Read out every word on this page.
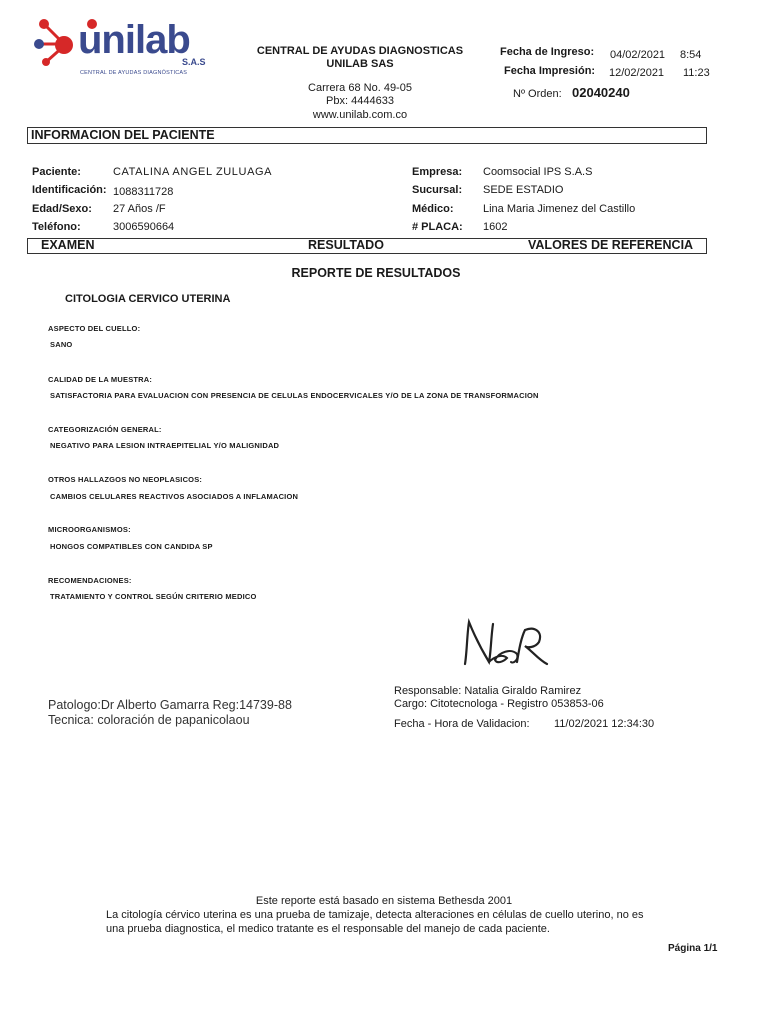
unilab
S.A.S
CENTRAL DE AYUDAS DIAGNÓSTICAS
CENTRAL DE AYUDAS DIAGNOSTICAS
UNILAB SAS
Carrera 68 No. 49-05
Pbx: 4444633
www.unilab.com.co
Fecha de Ingreso: 04/02/2021 8:54
Fecha Impresión: 12/02/2021 11:23
Nº Orden: 02040240
INFORMACION DEL PACIENTE
Paciente:	CATALINA ANGEL ZULUAGA
Identificación: 1088311728
Edad/Sexo: 27 Años /F
Teléfono:	3006590664
Empresa: Coomsocial IPS S.A.S
Sucursal: SEDE ESTADIO
Médico:	Lina Maria Jimenez del Castillo
# PLACA: 1602
EXAMEN	RESULTADO	VALORES DE REFERENCIA
REPORTE DE RESULTADOS
CITOLOGIA CERVICO UTERINA
ASPECTO DEL CUELLO:
SANO
CALIDAD DE LA MUESTRA:
SATISFACTORIA PARA EVALUACION CON PRESENCIA DE CELULAS ENDOCERVICALES Y/O DE LA ZONA DE TRANSFORMACION
CATEGORIZACIÓN GENERAL:
NEGATIVO PARA LESION INTRAEPITELIAL Y/O MALIGNIDAD
OTROS HALLAZGOS NO NEOPLASICOS:
CAMBIOS CELULARES REACTIVOS ASOCIADOS A INFLAMACION
MICROORGANISMOS:
HONGOS COMPATIBLES CON CANDIDA SP
RECOMENDACIONES:
TRATAMIENTO Y CONTROL SEGÚN CRITERIO MEDICO
Patologo:Dr Alberto Gamarra Reg:14739-88
Tecnica: coloración de papanicolaou
Responsable: Natalia Giraldo Ramirez
Cargo: Citotecnologa - Registro 053853-06
Fecha - Hora de Validacion: 11/02/2021 12:34:30
Este reporte está basado en sistema Bethesda 2001
La citología cérvico uterina es una prueba de tamizaje, detecta alteraciones en células de cuello uterino, no es
una prueba diagnostica, el medico tratante es el responsable del manejo de cada paciente.
Página 1/1
